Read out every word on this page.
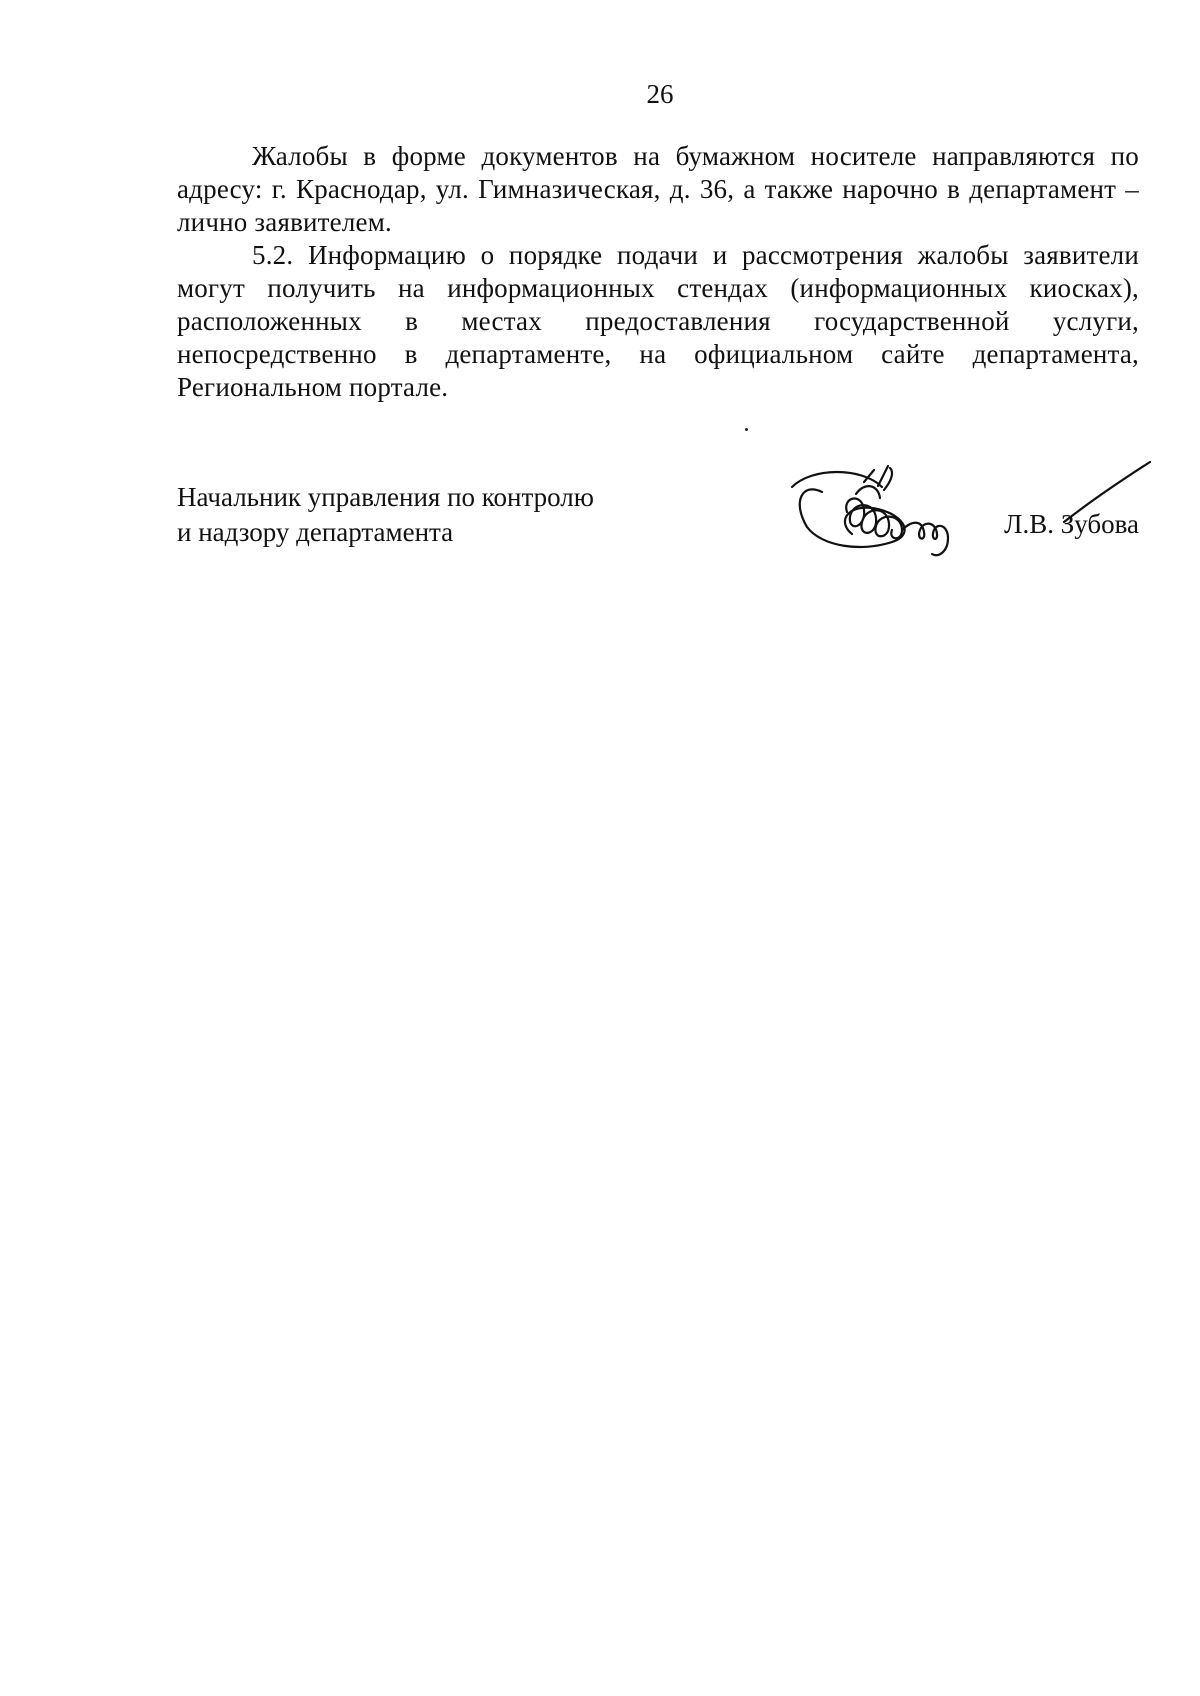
26

Жалобы в форме документов на бумажном носителе направляются по адресу: г. Краснодар, ул. Гимназическая, д. 36, а также нарочно в департамент – лично заявителем.

5.2. Информацию о порядке подачи и рассмотрения жалобы заявители могут получить на информационных стендах (информационных киосках), расположенных в местах предоставления государственной услуги, непосредственно в департаменте, на официальном сайте департамента, Региональном портале.

Начальник управления по контролю
и надзору департамента	Л.В. Зубова
